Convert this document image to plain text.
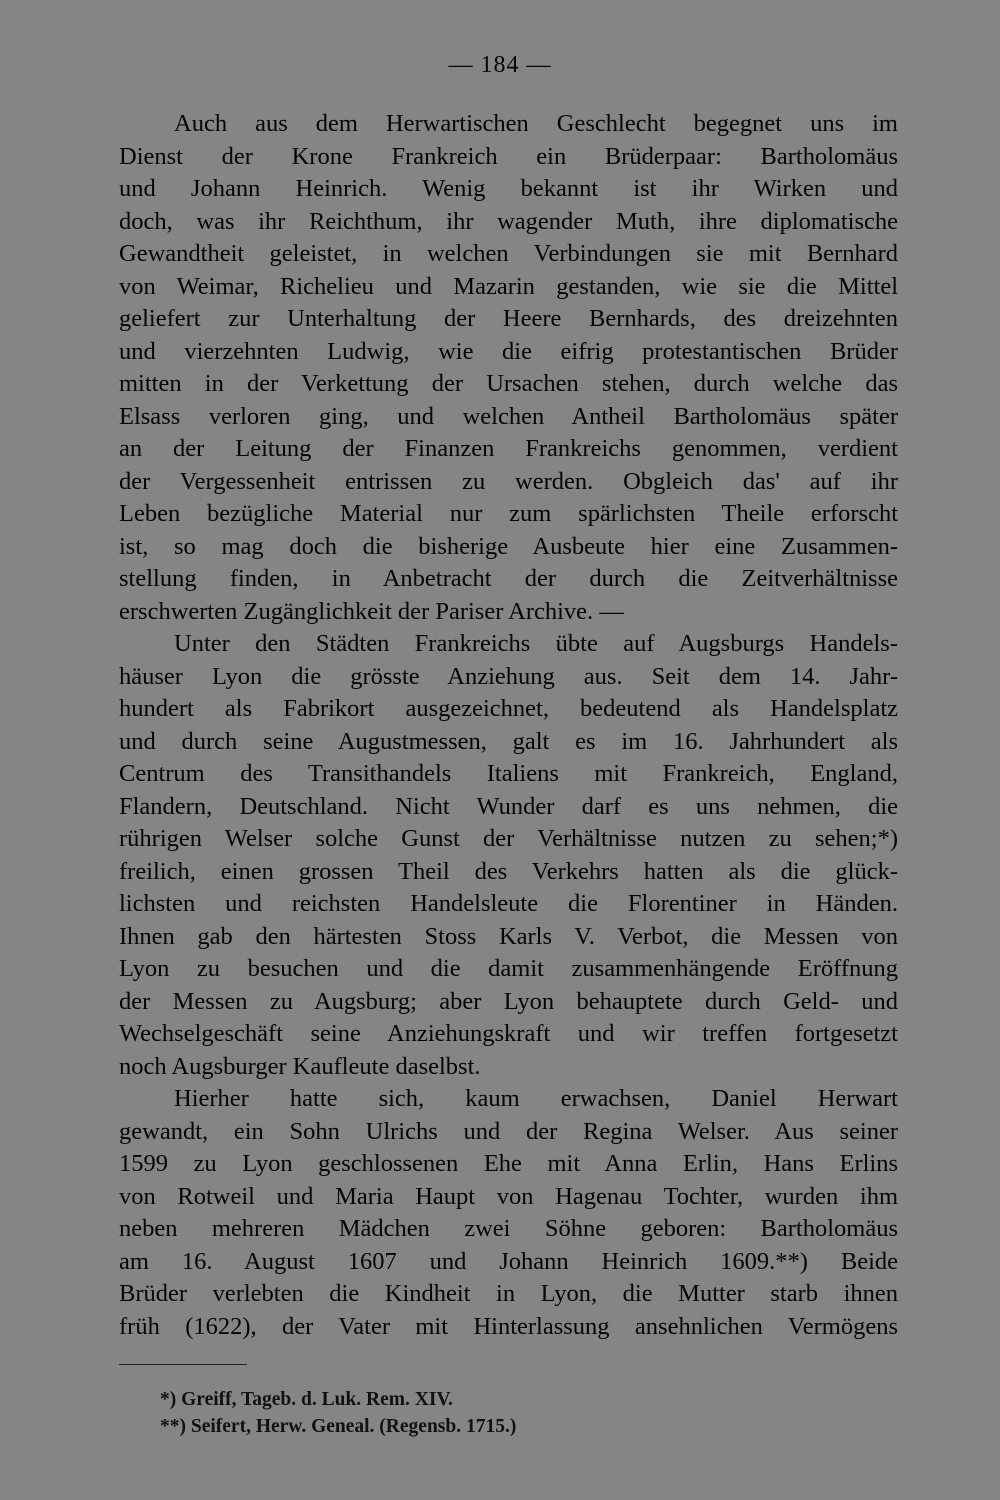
— 184 —
Auch aus dem Herwartischen Geschlecht begegnet uns im
Dienst der Krone Frankreich ein Brüderpaar: Bartholomäus
und Johann Heinrich. Wenig bekannt ist ihr Wirken und
doch, was ihr Reichthum, ihr wagender Muth, ihre diplomatische
Gewandtheit geleistet, in welchen Verbindungen sie mit Bernhard
von Weimar, Richelieu und Mazarin gestanden, wie sie die Mittel
geliefert zur Unterhaltung der Heere Bernhards, des dreizehnten
und vierzehnten Ludwig, wie die eifrig protestantischen Brüder
mitten in der Verkettung der Ursachen stehen, durch welche das
Elsass verloren ging, und welchen Antheil Bartholomäus später
an der Leitung der Finanzen Frankreichs genommen, verdient
der Vergessenheit entrissen zu werden. Obgleich das' auf ihr
Leben bezügliche Material nur zum spärlichsten Theile erforscht
ist, so mag doch die bisherige Ausbeute hier eine Zusammen-
stellung finden, in Anbetracht der durch die Zeitverhältnisse
erschwerten Zugänglichkeit der Pariser Archive. —
Unter den Städten Frankreichs übte auf Augsburgs Handels-
häuser Lyon die grösste Anziehung aus. Seit dem 14. Jahr-
hundert als Fabrikort ausgezeichnet, bedeutend als Handelsplatz
und durch seine Augustmessen, galt es im 16. Jahrhundert als
Centrum des Transithandels Italiens mit Frankreich, England,
Flandern, Deutschland. Nicht Wunder darf es uns nehmen, die
rührigen Welser solche Gunst der Verhältnisse nutzen zu sehen;*)
freilich, einen grossen Theil des Verkehrs hatten als die glück-
lichsten und reichsten Handelsleute die Florentiner in Händen.
Ihnen gab den härtesten Stoss Karls V. Verbot, die Messen von
Lyon zu besuchen und die damit zusammenhängende Eröffnung
der Messen zu Augsburg; aber Lyon behauptete durch Geld- und
Wechselgeschäft seine Anziehungskraft und wir treffen fortgesetzt
noch Augsburger Kaufleute daselbst.
Hierher hatte sich, kaum erwachsen, Daniel Herwart
gewandt, ein Sohn Ulrichs und der Regina Welser. Aus seiner
1599 zu Lyon geschlossenen Ehe mit Anna Erlin, Hans Erlins
von Rotweil und Maria Haupt von Hagenau Tochter, wurden ihm
neben mehreren Mädchen zwei Söhne geboren: Bartholomäus
am 16. August 1607 und Johann Heinrich 1609.**) Beide
Brüder verlebten die Kindheit in Lyon, die Mutter starb ihnen
früh (1622), der Vater mit Hinterlassung ansehnlichen Vermögens
*) Greiff, Tageb. d. Luk. Rem. XIV.
**) Seifert, Herw. Geneal. (Regensb. 1715.)
